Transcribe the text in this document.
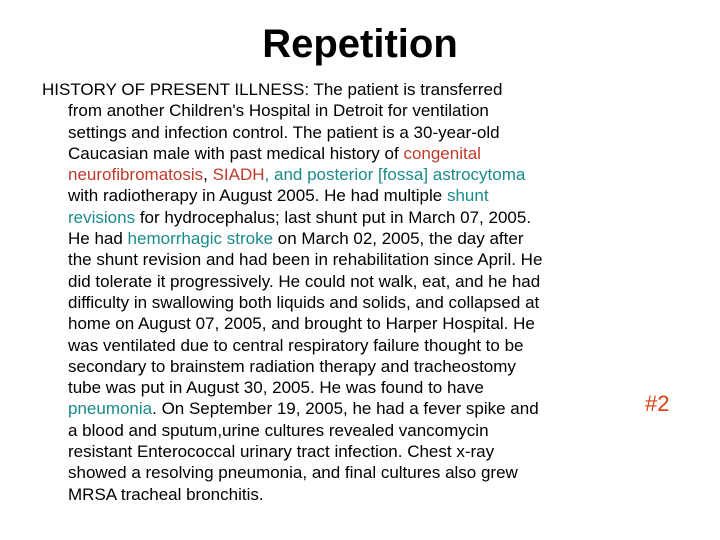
Repetition
HISTORY OF PRESENT ILLNESS: The patient is transferred
from another Children's Hospital in Detroit for ventilation
settings and infection control. The patient is a 30-year-old
Caucasian male with past medical history of congenital
neurofibromatosis, SIADH, and posterior [fossa] astrocytoma
with radiotherapy in August 2005. He had multiple shunt
revisions for hydrocephalus; last shunt put in March 07, 2005.
He had hemorrhagic stroke on March 02, 2005, the day after
the shunt revision and had been in rehabilitation since April. He
did tolerate it progressively. He could not walk, eat, and he had
difficulty in swallowing both liquids and solids, and collapsed at
home on August 07, 2005, and brought to Harper Hospital. He
was ventilated due to central respiratory failure thought to be
secondary to brainstem radiation therapy and tracheostomy
tube was put in August 30, 2005. He was found to have
pneumonia. On September 19, 2005, he had a fever spike and
a blood and sputum,urine cultures revealed vancomycin
resistant Enterococcal urinary tract infection. Chest x-ray
showed a resolving pneumonia, and final cultures also grew
MRSA tracheal bronchitis.
#2
